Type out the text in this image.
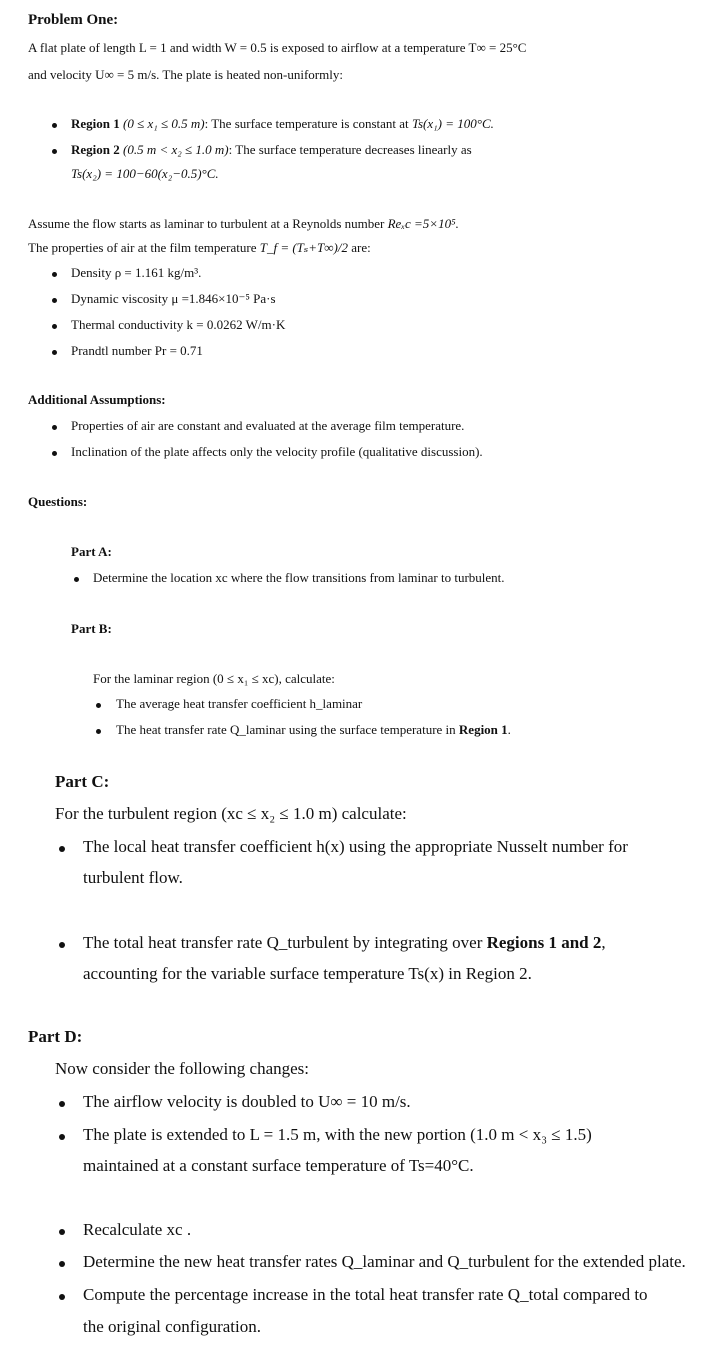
Problem One:
A flat plate of length L = 1 and width W = 0.5 is exposed to airflow at a temperature T∞ = 25°C
and velocity U∞ = 5 m/s. The plate is heated non-uniformly:
Region 1 (0 ≤ x₁ ≤ 0.5 m): The surface temperature is constant at Ts(x₁) = 100°C.
Region 2 (0.5 m < x₂ ≤ 1.0 m): The surface temperature decreases linearly as
Ts(x₂) = 100−60(x₂−0.5)°C.
Assume the flow starts as laminar to turbulent at a Reynolds number Reₓc =5×10⁵.
The properties of air at the film temperature T_f = (Tₛ+T∞)/2 are:
Density ρ = 1.161 kg/m³.
Dynamic viscosity μ =1.846×10⁻⁵ Pa·s
Thermal conductivity k = 0.0262 W/m·K
Prandtl number Pr = 0.71
Additional Assumptions:
Properties of air are constant and evaluated at the average film temperature.
Inclination of the plate affects only the velocity profile (qualitative discussion).
Questions:
Part A:
Determine the location xc where the flow transitions from laminar to turbulent.
Part B:
For the laminar region (0 ≤ x₁ ≤ xc), calculate:
The average heat transfer coefficient h_laminar
The heat transfer rate Q_laminar using the surface temperature in Region 1.
Part C:
For the turbulent region (xc ≤ x₂ ≤ 1.0 m) calculate:
The local heat transfer coefficient h(x) using the appropriate Nusselt number for
turbulent flow.
The total heat transfer rate Q_turbulent by integrating over Regions 1 and 2,
accounting for the variable surface temperature Ts(x) in Region 2.
Part D:
Now consider the following changes:
The airflow velocity is doubled to U∞ = 10 m/s.
The plate is extended to L = 1.5 m, with the new portion (1.0 m < x₃ ≤ 1.5)
maintained at a constant surface temperature of Ts=40°C.
Recalculate xc .
Determine the new heat transfer rates Q_laminar and Q_turbulent for the extended plate.
Compute the percentage increase in the total heat transfer rate Q_total compared to
the original configuration.
